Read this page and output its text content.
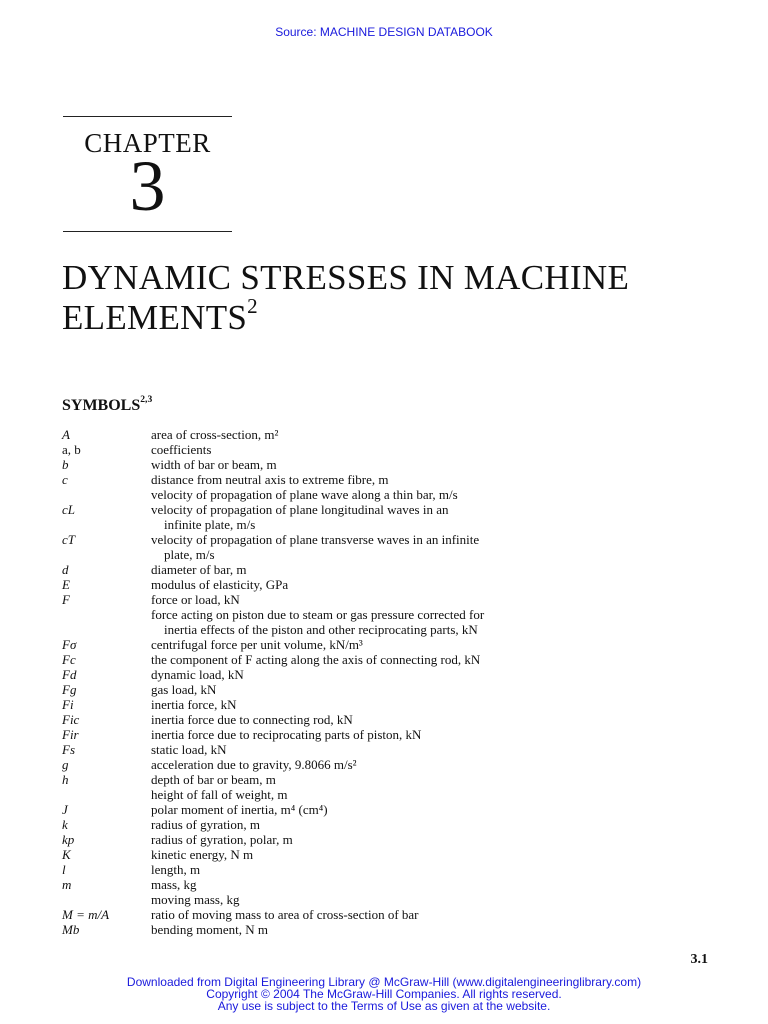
Source: MACHINE DESIGN DATABOOK
CHAPTER
3
DYNAMIC STRESSES IN MACHINE ELEMENTS$^2$
SYMBOLS$^{2,3}$
A	area of cross-section, m²
a, b	coefficients
b	width of bar or beam, m
c	distance from neutral axis to extreme fibre, m
velocity of propagation of plane wave along a thin bar, m/s
cL	velocity of propagation of plane longitudinal waves in an
infinite plate, m/s
cT	velocity of propagation of plane transverse waves in an infinite
plate, m/s
d	diameter of bar, m
E	modulus of elasticity, GPa
F	force or load, kN
force acting on piston due to steam or gas pressure corrected for
inertia effects of the piston and other reciprocating parts, kN
Fσ	centrifugal force per unit volume, kN/m³
Fc	the component of F acting along the axis of connecting rod, kN
Fd	dynamic load, kN
Fg	gas load, kN
Fi	inertia force, kN
Fic	inertia force due to connecting rod, kN
Fir	inertia force due to reciprocating parts of piston, kN
Fs	static load, kN
g	acceleration due to gravity, 9.8066 m/s²
h	depth of bar or beam, m
height of fall of weight, m
J	polar moment of inertia, m⁴ (cm⁴)
k	radius of gyration, m
kp	radius of gyration, polar, m
K	kinetic energy, N m
l	length, m
m	mass, kg
moving mass, kg
M = m/A	ratio of moving mass to area of cross-section of bar
Mb	bending moment, N m
3.1
Downloaded from Digital Engineering Library @ McGraw-Hill (www.digitalengineeringlibrary.com)
Copyright © 2004 The McGraw-Hill Companies. All rights reserved.
Any use is subject to the Terms of Use as given at the website.
